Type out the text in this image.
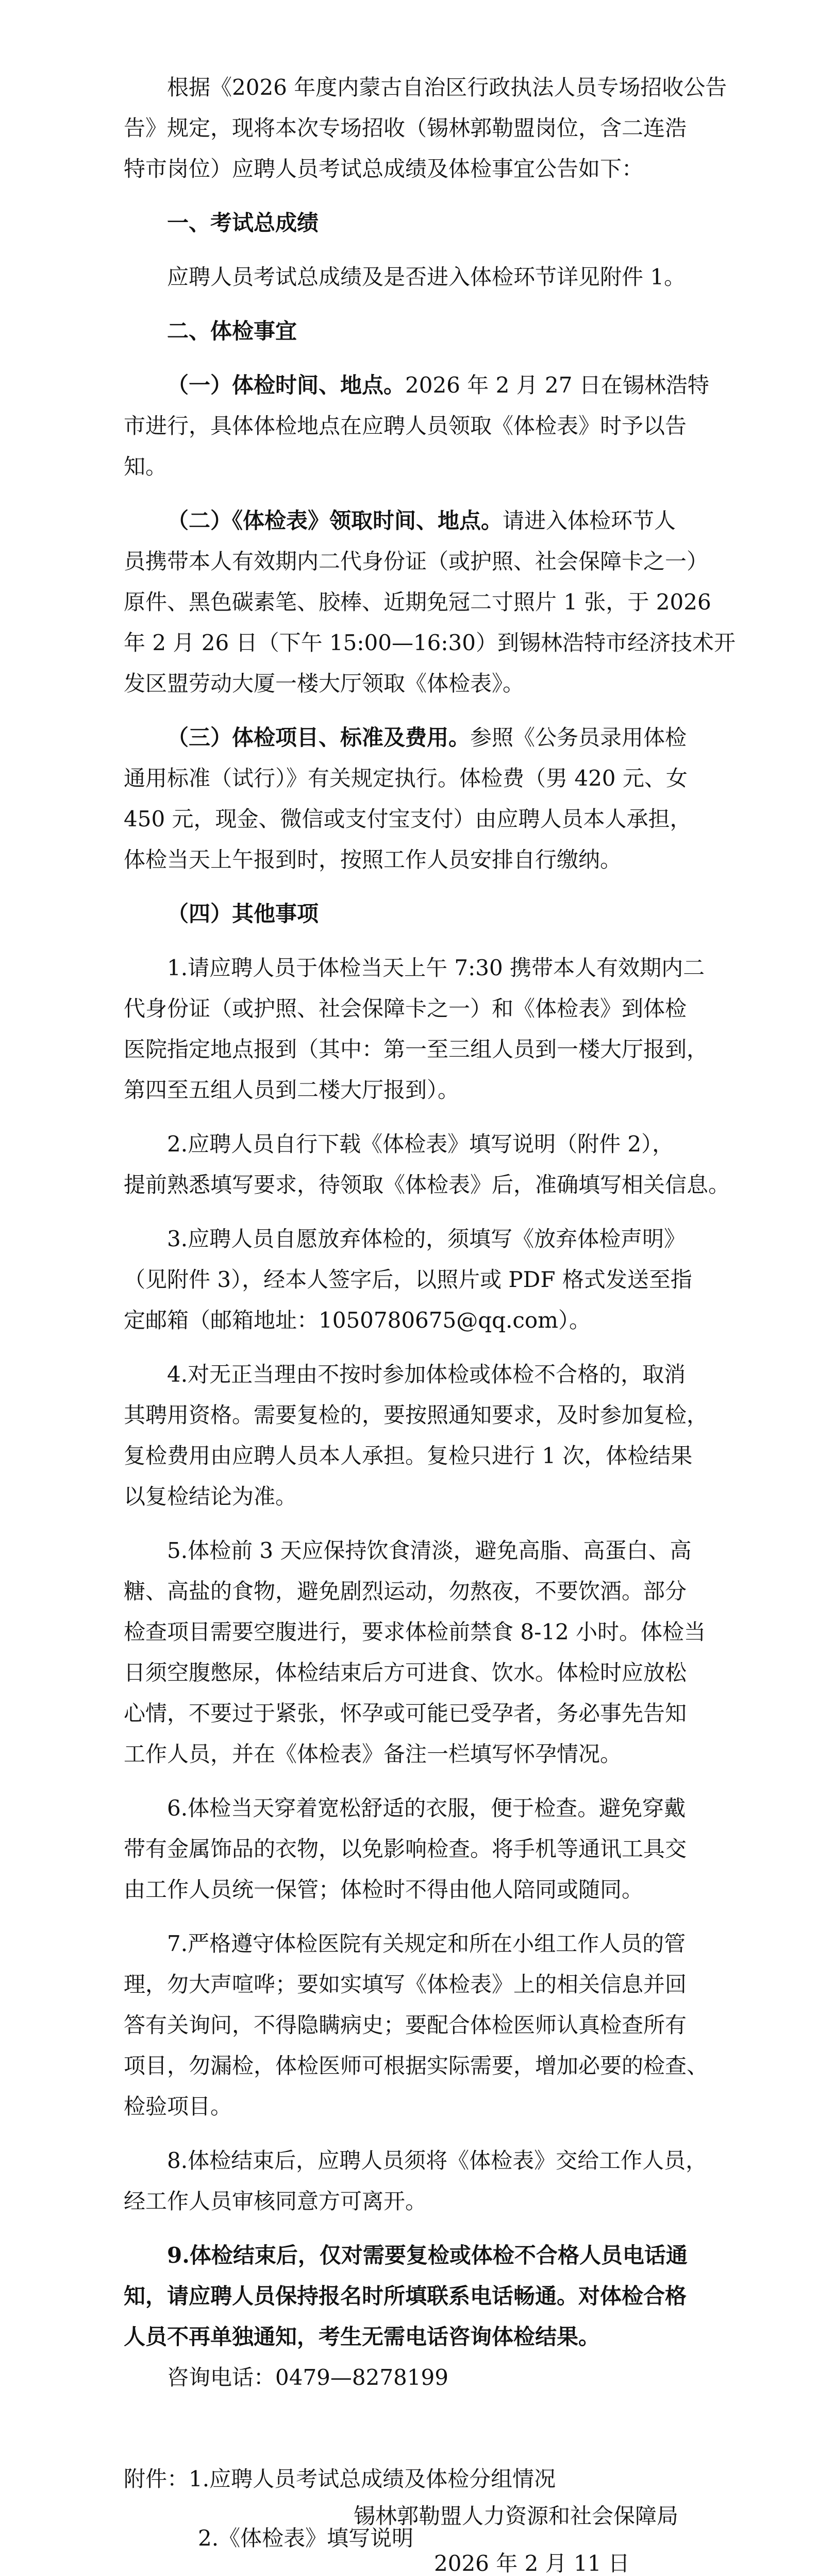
根据《2026 年度内蒙古自治区行政执法人员专场招收公告
告》规定，现将本次专场招收（锡林郭勒盟岗位，含二连浩
特市岗位）应聘人员考试总成绩及体检事宜公告如下：
一、考试总成绩
应聘人员考试总成绩及是否进入体检环节详见附件 1。
二、体检事宜
（一）体检时间、地点。2026 年 2 月 27 日在锡林浩特
市进行，具体体检地点在应聘人员领取《体检表》时予以告
知。
（二）《体检表》领取时间、地点。请进入体检环节人
员携带本人有效期内二代身份证（或护照、社会保障卡之一）
原件、黑色碳素笔、胶棒、近期免冠二寸照片 1 张，于 2026
年 2 月 26 日（下午 15:00—16:30）到锡林浩特市经济技术开
发区盟劳动大厦一楼大厅领取《体检表》。
（三）体检项目、标准及费用。参照《公务员录用体检
通用标准（试行）》有关规定执行。体检费（男 420 元、女
450 元，现金、微信或支付宝支付）由应聘人员本人承担，
体检当天上午报到时，按照工作人员安排自行缴纳。
（四）其他事项
1.请应聘人员于体检当天上午 7:30 携带本人有效期内二
代身份证（或护照、社会保障卡之一）和《体检表》到体检
医院指定地点报到（其中：第一至三组人员到一楼大厅报到，
第四至五组人员到二楼大厅报到）。
2.应聘人员自行下载《体检表》填写说明（附件 2），
提前熟悉填写要求，待领取《体检表》后，准确填写相关信息。
3.应聘人员自愿放弃体检的，须填写《放弃体检声明》
（见附件 3），经本人签字后，以照片或 PDF 格式发送至指
定邮箱（邮箱地址：1050780675@qq.com）。
4.对无正当理由不按时参加体检或体检不合格的，取消
其聘用资格。需要复检的，要按照通知要求，及时参加复检，
复检费用由应聘人员本人承担。复检只进行 1 次，体检结果
以复检结论为准。
5.体检前 3 天应保持饮食清淡，避免高脂、高蛋白、高
糖、高盐的食物，避免剧烈运动，勿熬夜，不要饮酒。部分
检查项目需要空腹进行，要求体检前禁食 8-12 小时。体检当
日须空腹憋尿，体检结束后方可进食、饮水。体检时应放松
心情，不要过于紧张，怀孕或可能已受孕者，务必事先告知
工作人员，并在《体检表》备注一栏填写怀孕情况。
6.体检当天穿着宽松舒适的衣服，便于检查。避免穿戴
带有金属饰品的衣物，以免影响检查。将手机等通讯工具交
由工作人员统一保管；体检时不得由他人陪同或随同。
7.严格遵守体检医院有关规定和所在小组工作人员的管
理，勿大声喧哗；要如实填写《体检表》上的相关信息并回
答有关询问，不得隐瞒病史；要配合体检医师认真检查所有
项目，勿漏检，体检医师可根据实际需要，增加必要的检查、
检验项目。
8.体检结束后，应聘人员须将《体检表》交给工作人员，
经工作人员审核同意方可离开。
9.体检结束后，仅对需要复检或体检不合格人员电话通
知，请应聘人员保持报名时所填联系电话畅通。对体检合格
人员不再单独通知，考生无需电话咨询体检结果。
咨询电话：0479—8278199
附件：1.应聘人员考试总成绩及体检分组情况
2.《体检表》填写说明
锡林郭勒盟人力资源和社会保障局
2026 年 2 月 11 日
